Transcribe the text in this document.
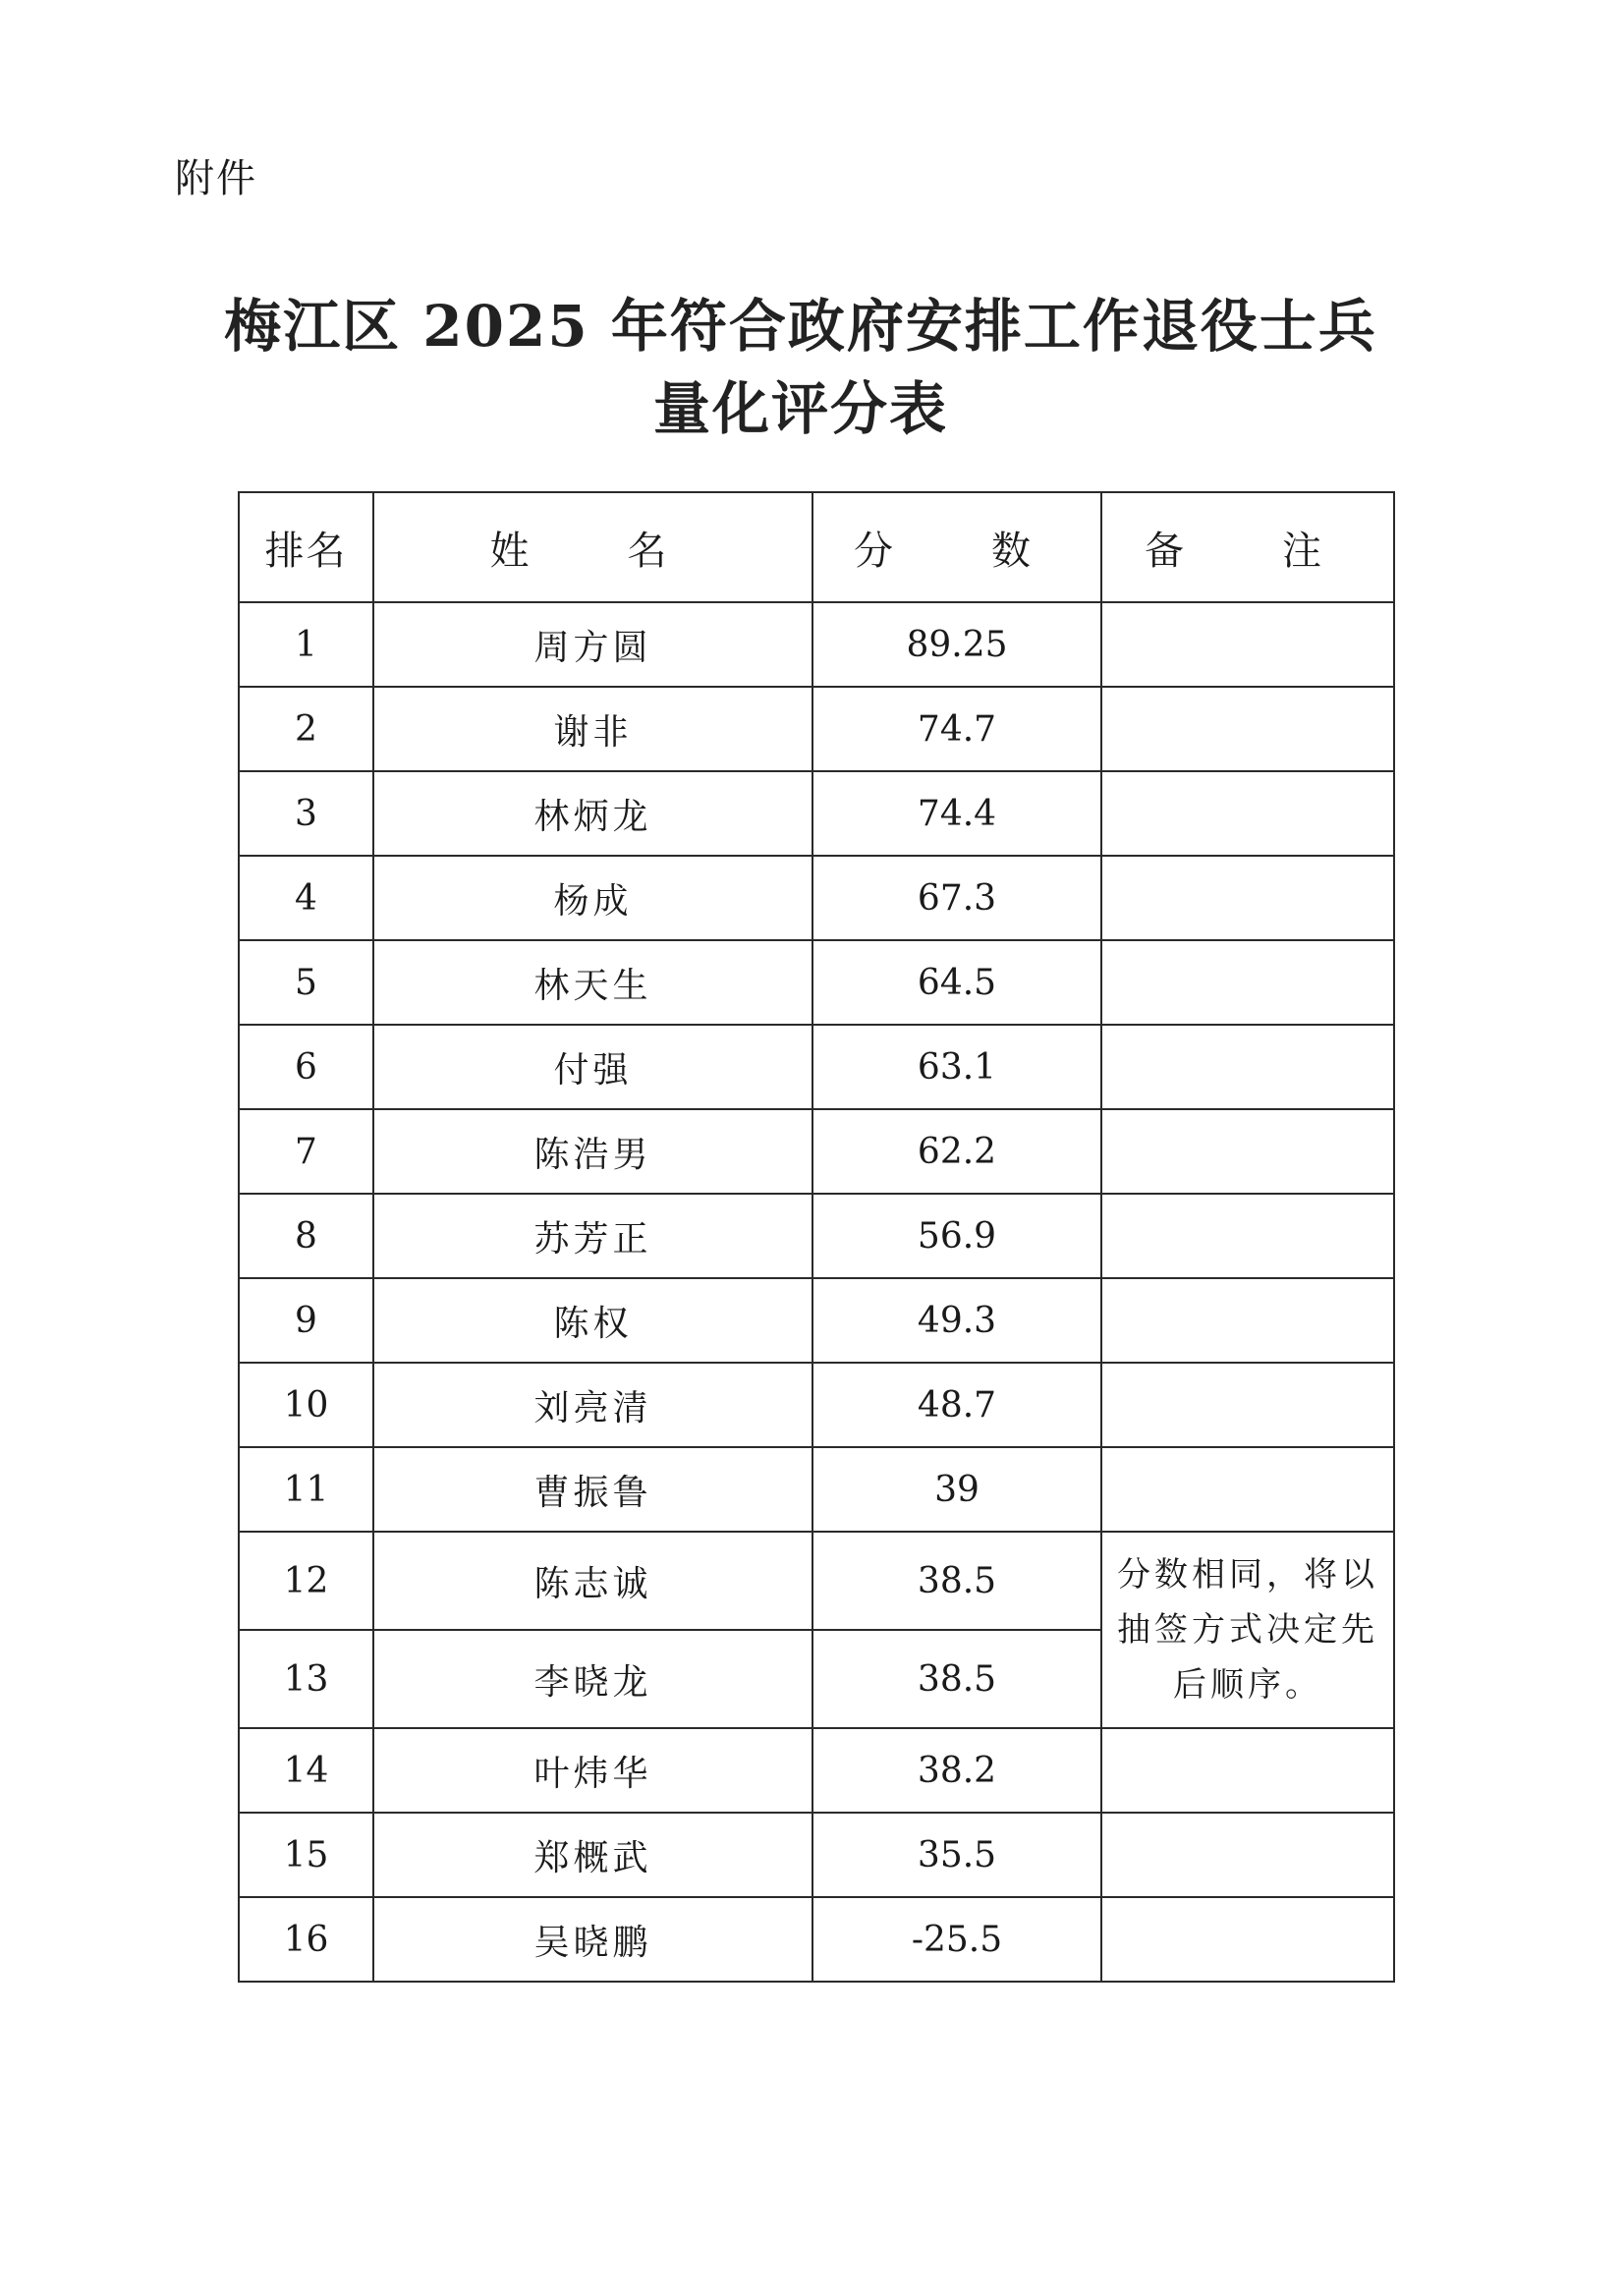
附件
梅江区 2025 年符合政府安排工作退役士兵
量化评分表
排名	姓　名	分　数	备　注
1	周方圆	89.25	
2	谢非	74.7	
3	林炳龙	74.4	
4	杨成	67.3	
5	林天生	64.5	
6	付强	63.1	
7	陈浩男	62.2	
8	苏芳正	56.9	
9	陈权	49.3	
10	刘亮清	48.7	
11	曹振鲁	39	
12	陈志诚	38.5	分数相同，将以抽签方式决定先后顺序。
13	李晓龙	38.5	
14	叶炜华	38.2	
15	郑概武	35.5	
16	吴晓鹏	-25.5	
